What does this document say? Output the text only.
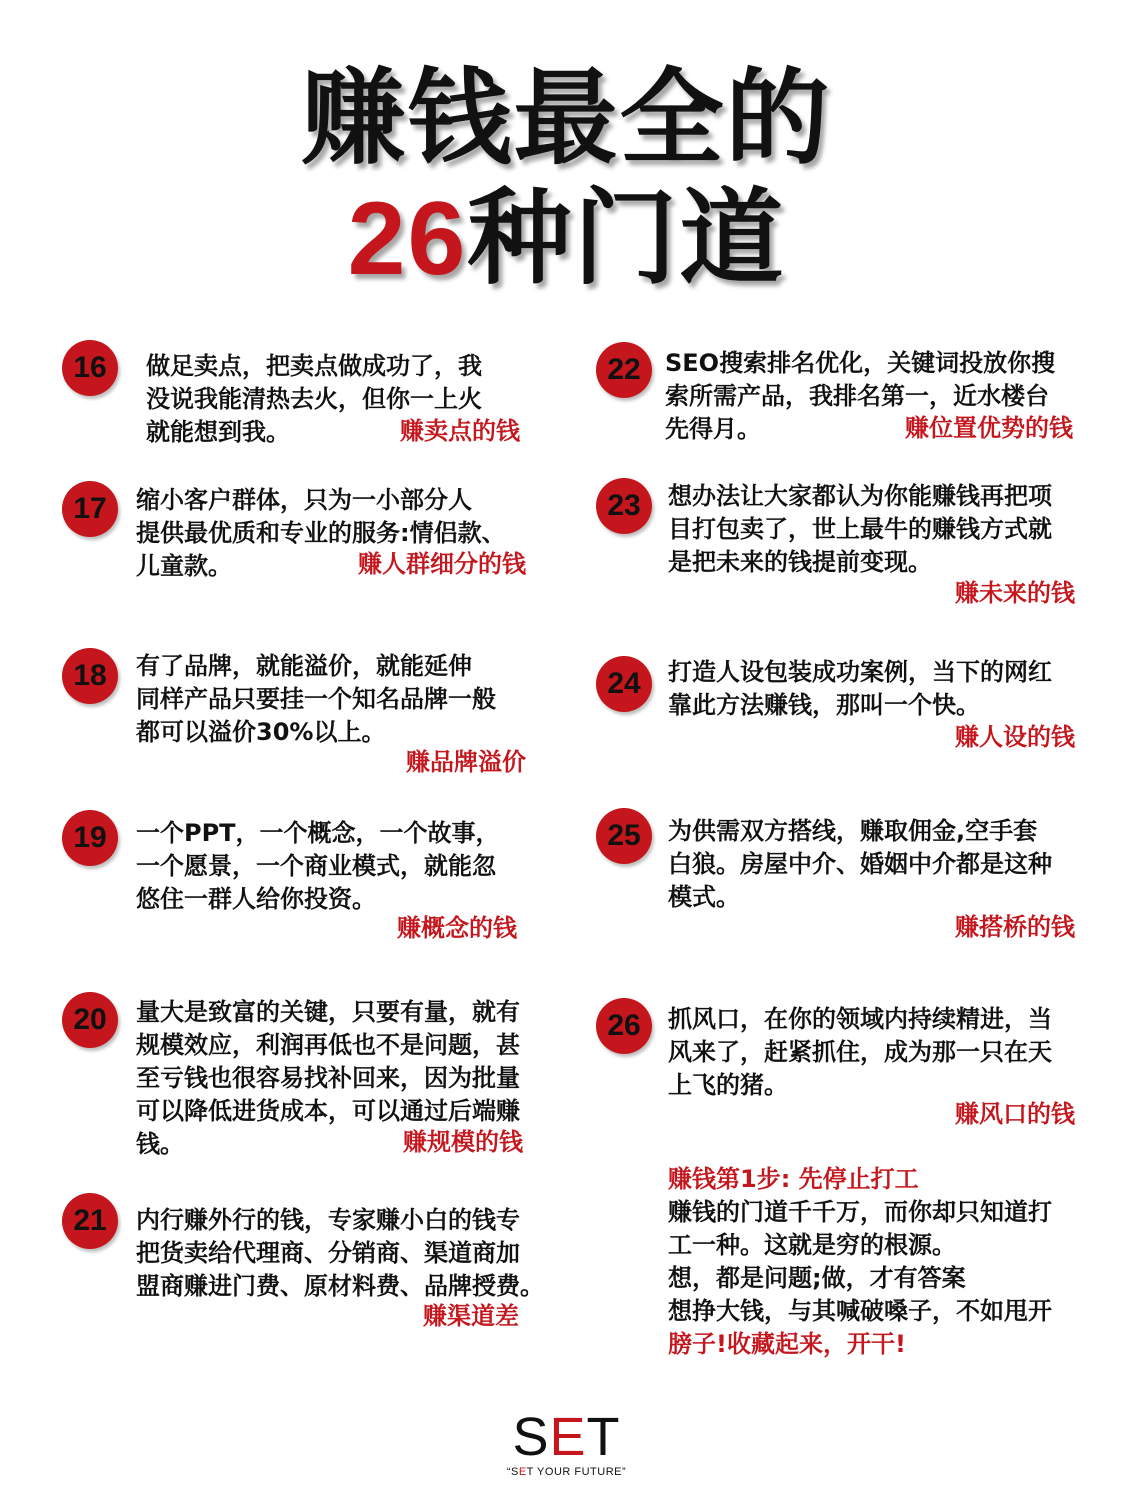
赚钱最全的
26种门道
16	做足卖点，把卖点做成功了，我
没说我能清热去火，但你一上火
就能想到我。	赚卖点的钱
17	缩小客户群体，只为一小部分人
提供最优质和专业的服务:情侣款、
儿童款。	赚人群细分的钱
18	有了品牌，就能溢价，就能延伸
同样产品只要挂一个知名品牌一般
都可以溢价30%以上。
赚品牌溢价
19	一个PPT，一个概念，一个故事，
一个愿景，一个商业模式，就能忽
悠住一群人给你投资。
赚概念的钱
20	量大是致富的关键，只要有量，就有
规模效应，利润再低也不是问题，甚
至亏钱也很容易找补回来，因为批量
可以降低进货成本，可以通过后端赚
钱。	赚规模的钱
21	内行赚外行的钱，专家赚小白的钱专
把货卖给代理商、分销商、渠道商加
盟商赚进门费、原材料费、品牌授费。
赚渠道差
22	SEO搜索排名优化，关键词投放你搜
索所需产品，我排名第一，近水楼台
先得月。	赚位置优势的钱
23	想办法让大家都认为你能赚钱再把项
目打包卖了，世上最牛的赚钱方式就
是把未来的钱提前变现。
赚未来的钱
24	打造人设包装成功案例，当下的网红
靠此方法赚钱，那叫一个快。
赚人设的钱
25	为供需双方搭线，赚取佣金,空手套
白狼。房屋中介、婚姻中介都是这种
模式。
赚搭桥的钱
26	抓风口，在你的领域内持续精进，当
风来了，赶紧抓住，成为那一只在天
上飞的猪。
赚风口的钱
赚钱第1步: 先停止打工
赚钱的门道千千万，而你却只知道打
工一种。这就是穷的根源。
想，都是问题;做，才有答案
想挣大钱，与其喊破嗓子，不如甩开
膀子!收藏起来，开干!
SET
“SET YOUR FUTURE”
